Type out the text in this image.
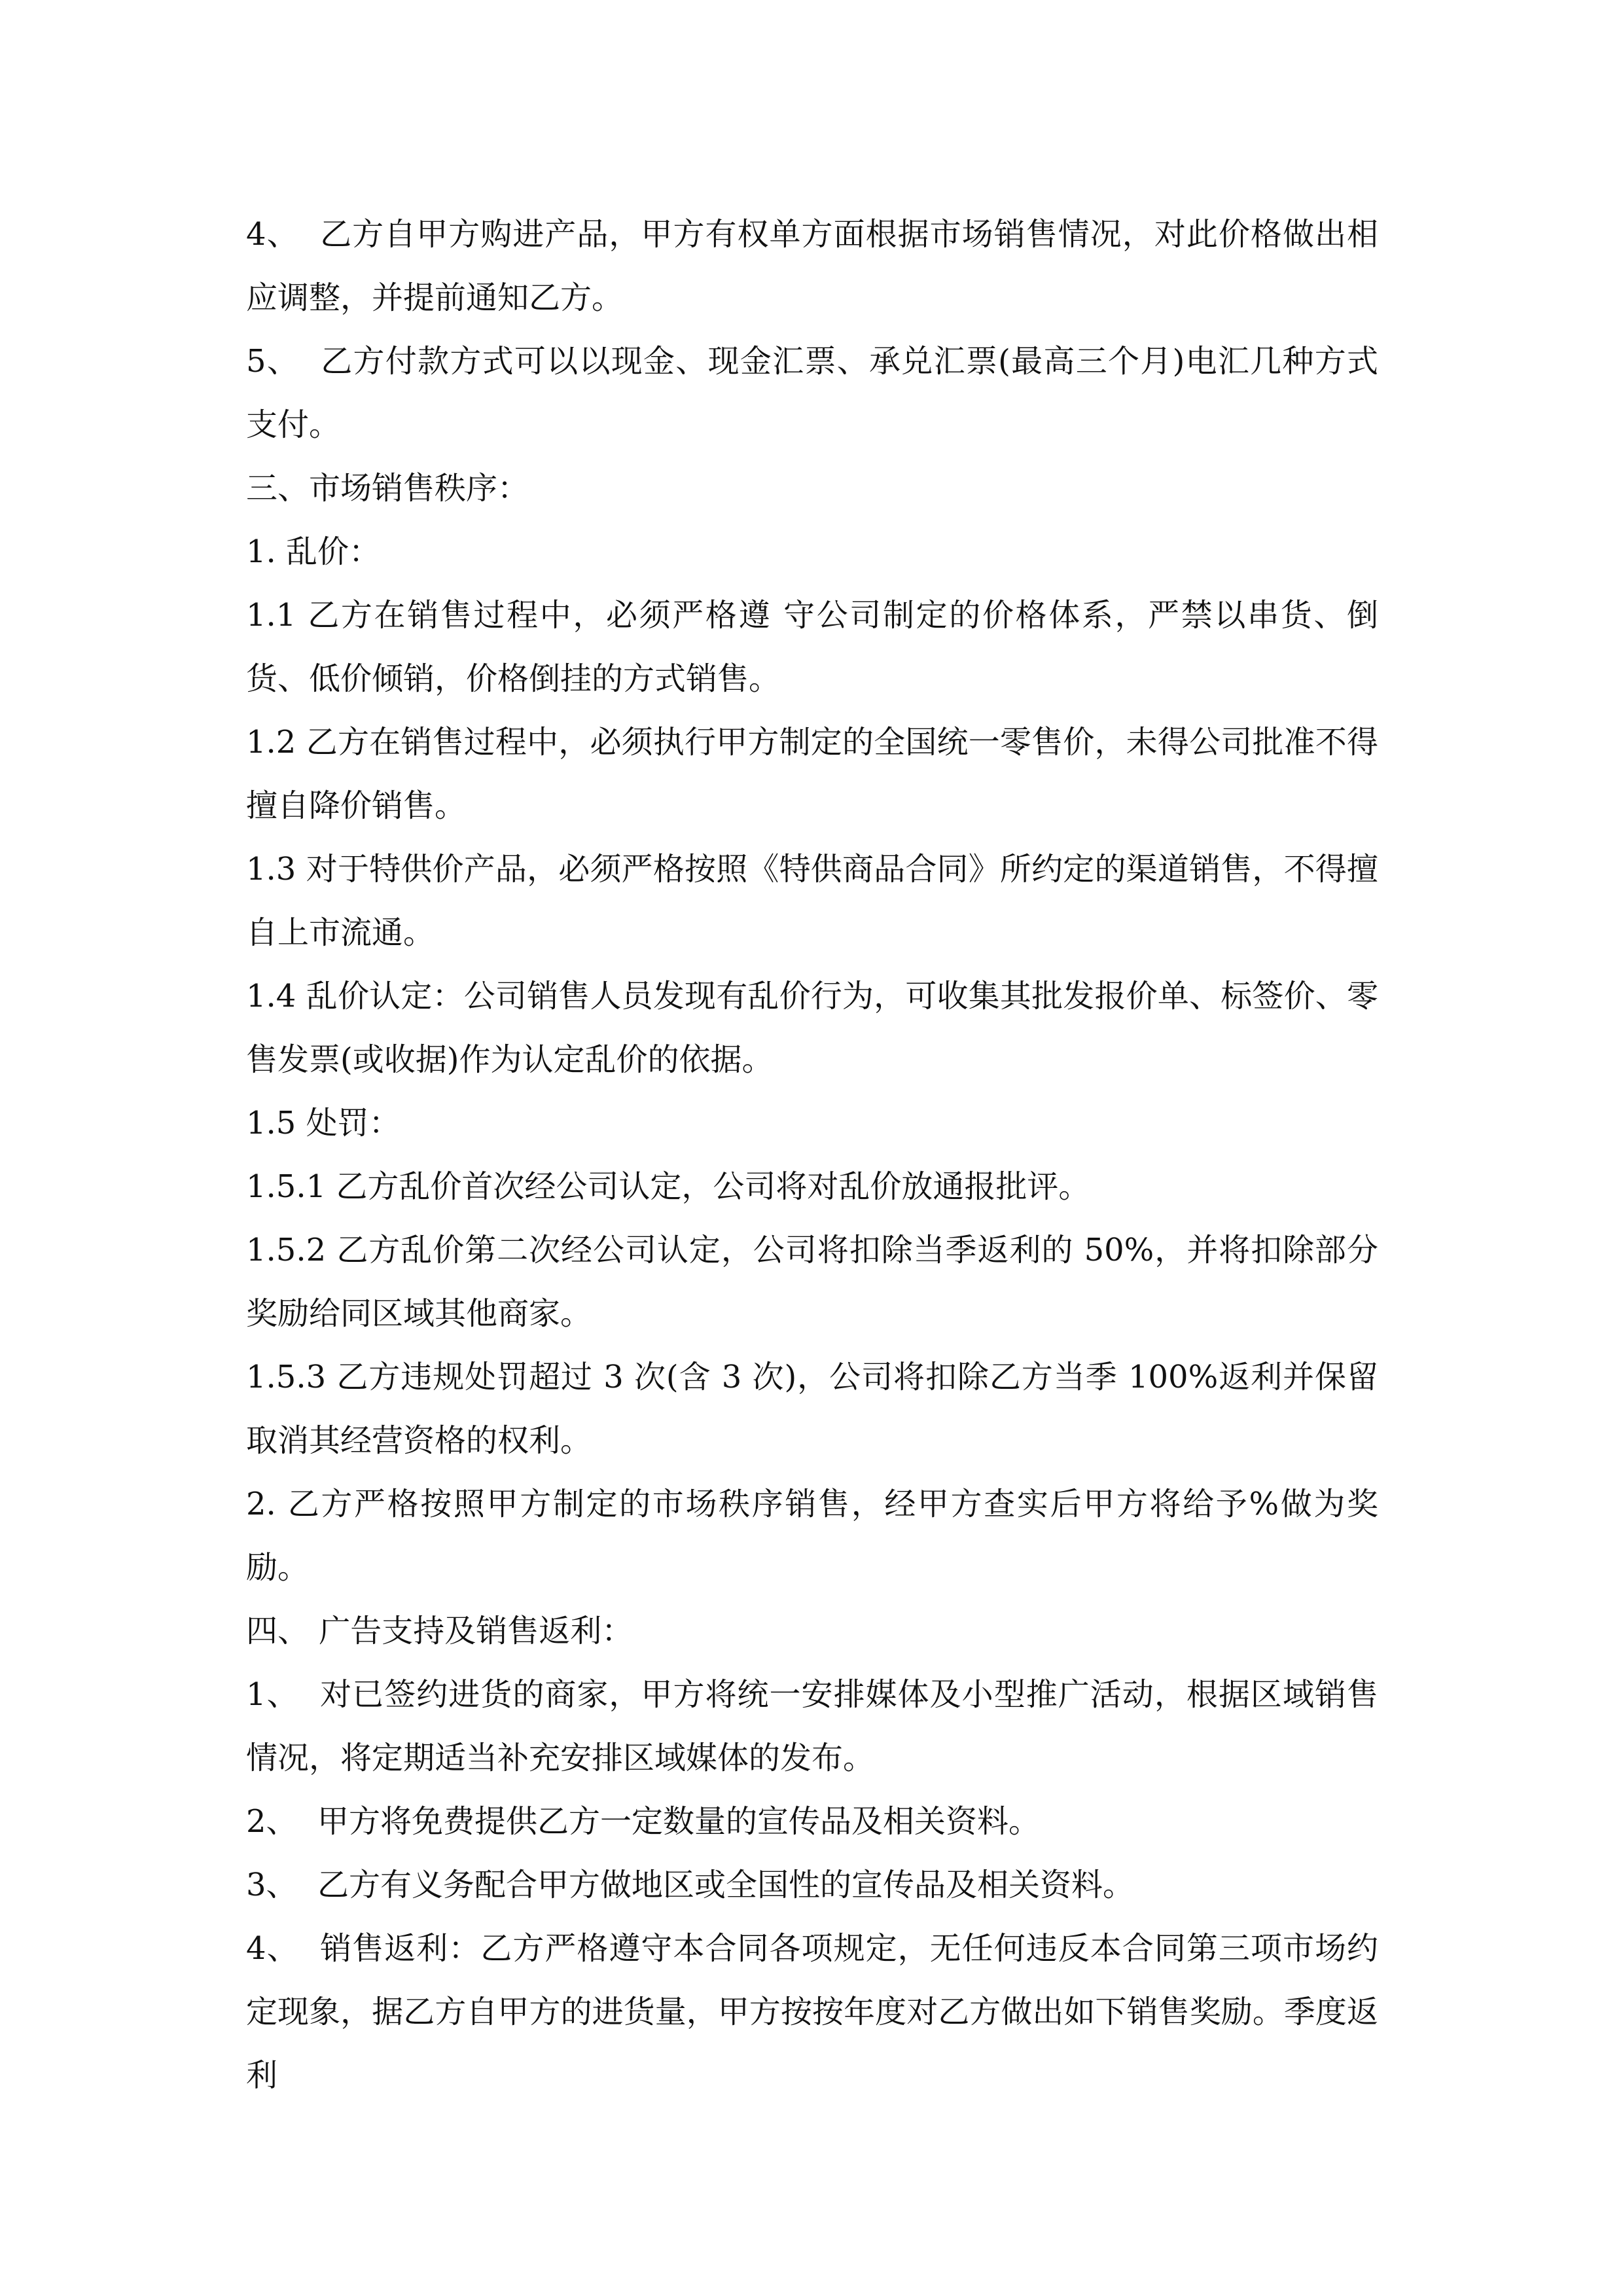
4、  乙方自甲方购进产品，甲方有权单方面根据市场销售情况，对此价格做出相应调整，并提前通知乙方。

5、  乙方付款方式可以以现金、现金汇票、承兑汇票(最高三个月)电汇几种方式支付。

三、市场销售秩序：

1. 乱价：

1.1 乙方在销售过程中，必须严格遵 守公司制定的价格体系，严禁以串货、倒货、低价倾销，价格倒挂的方式销售。

1.2 乙方在销售过程中，必须执行甲方制定的全国统一零售价，未得公司批准不得擅自降价销售。

1.3 对于特供价产品，必须严格按照《特供商品合同》所约定的渠道销售，不得擅自上市流通。

1.4 乱价认定：公司销售人员发现有乱价行为，可收集其批发报价单、标签价、零售发票(或收据)作为认定乱价的依据。

1.5 处罚：

1.5.1 乙方乱价首次经公司认定，公司将对乱价放通报批评。

1.5.2 乙方乱价第二次经公司认定，公司将扣除当季返利的 50%，并将扣除部分奖励给同区域其他商家。

1.5.3 乙方违规处罚超过 3 次(含 3 次)，公司将扣除乙方当季 100%返利并保留取消其经营资格的权利。

2. 乙方严格按照甲方制定的市场秩序销售，经甲方查实后甲方将给予%做为奖励。

四、 广告支持及销售返利：

1、  对已签约进货的商家，甲方将统一安排媒体及小型推广活动，根据区域销售情况，将定期适当补充安排区域媒体的发布。

2、  甲方将免费提供乙方一定数量的宣传品及相关资料。

3、  乙方有义务配合甲方做地区或全国性的宣传品及相关资料。

4、  销售返利：乙方严格遵守本合同各项规定，无任何违反本合同第三项市场约定现象，据乙方自甲方的进货量，甲方按按年度对乙方做出如下销售奖励。季度返利
